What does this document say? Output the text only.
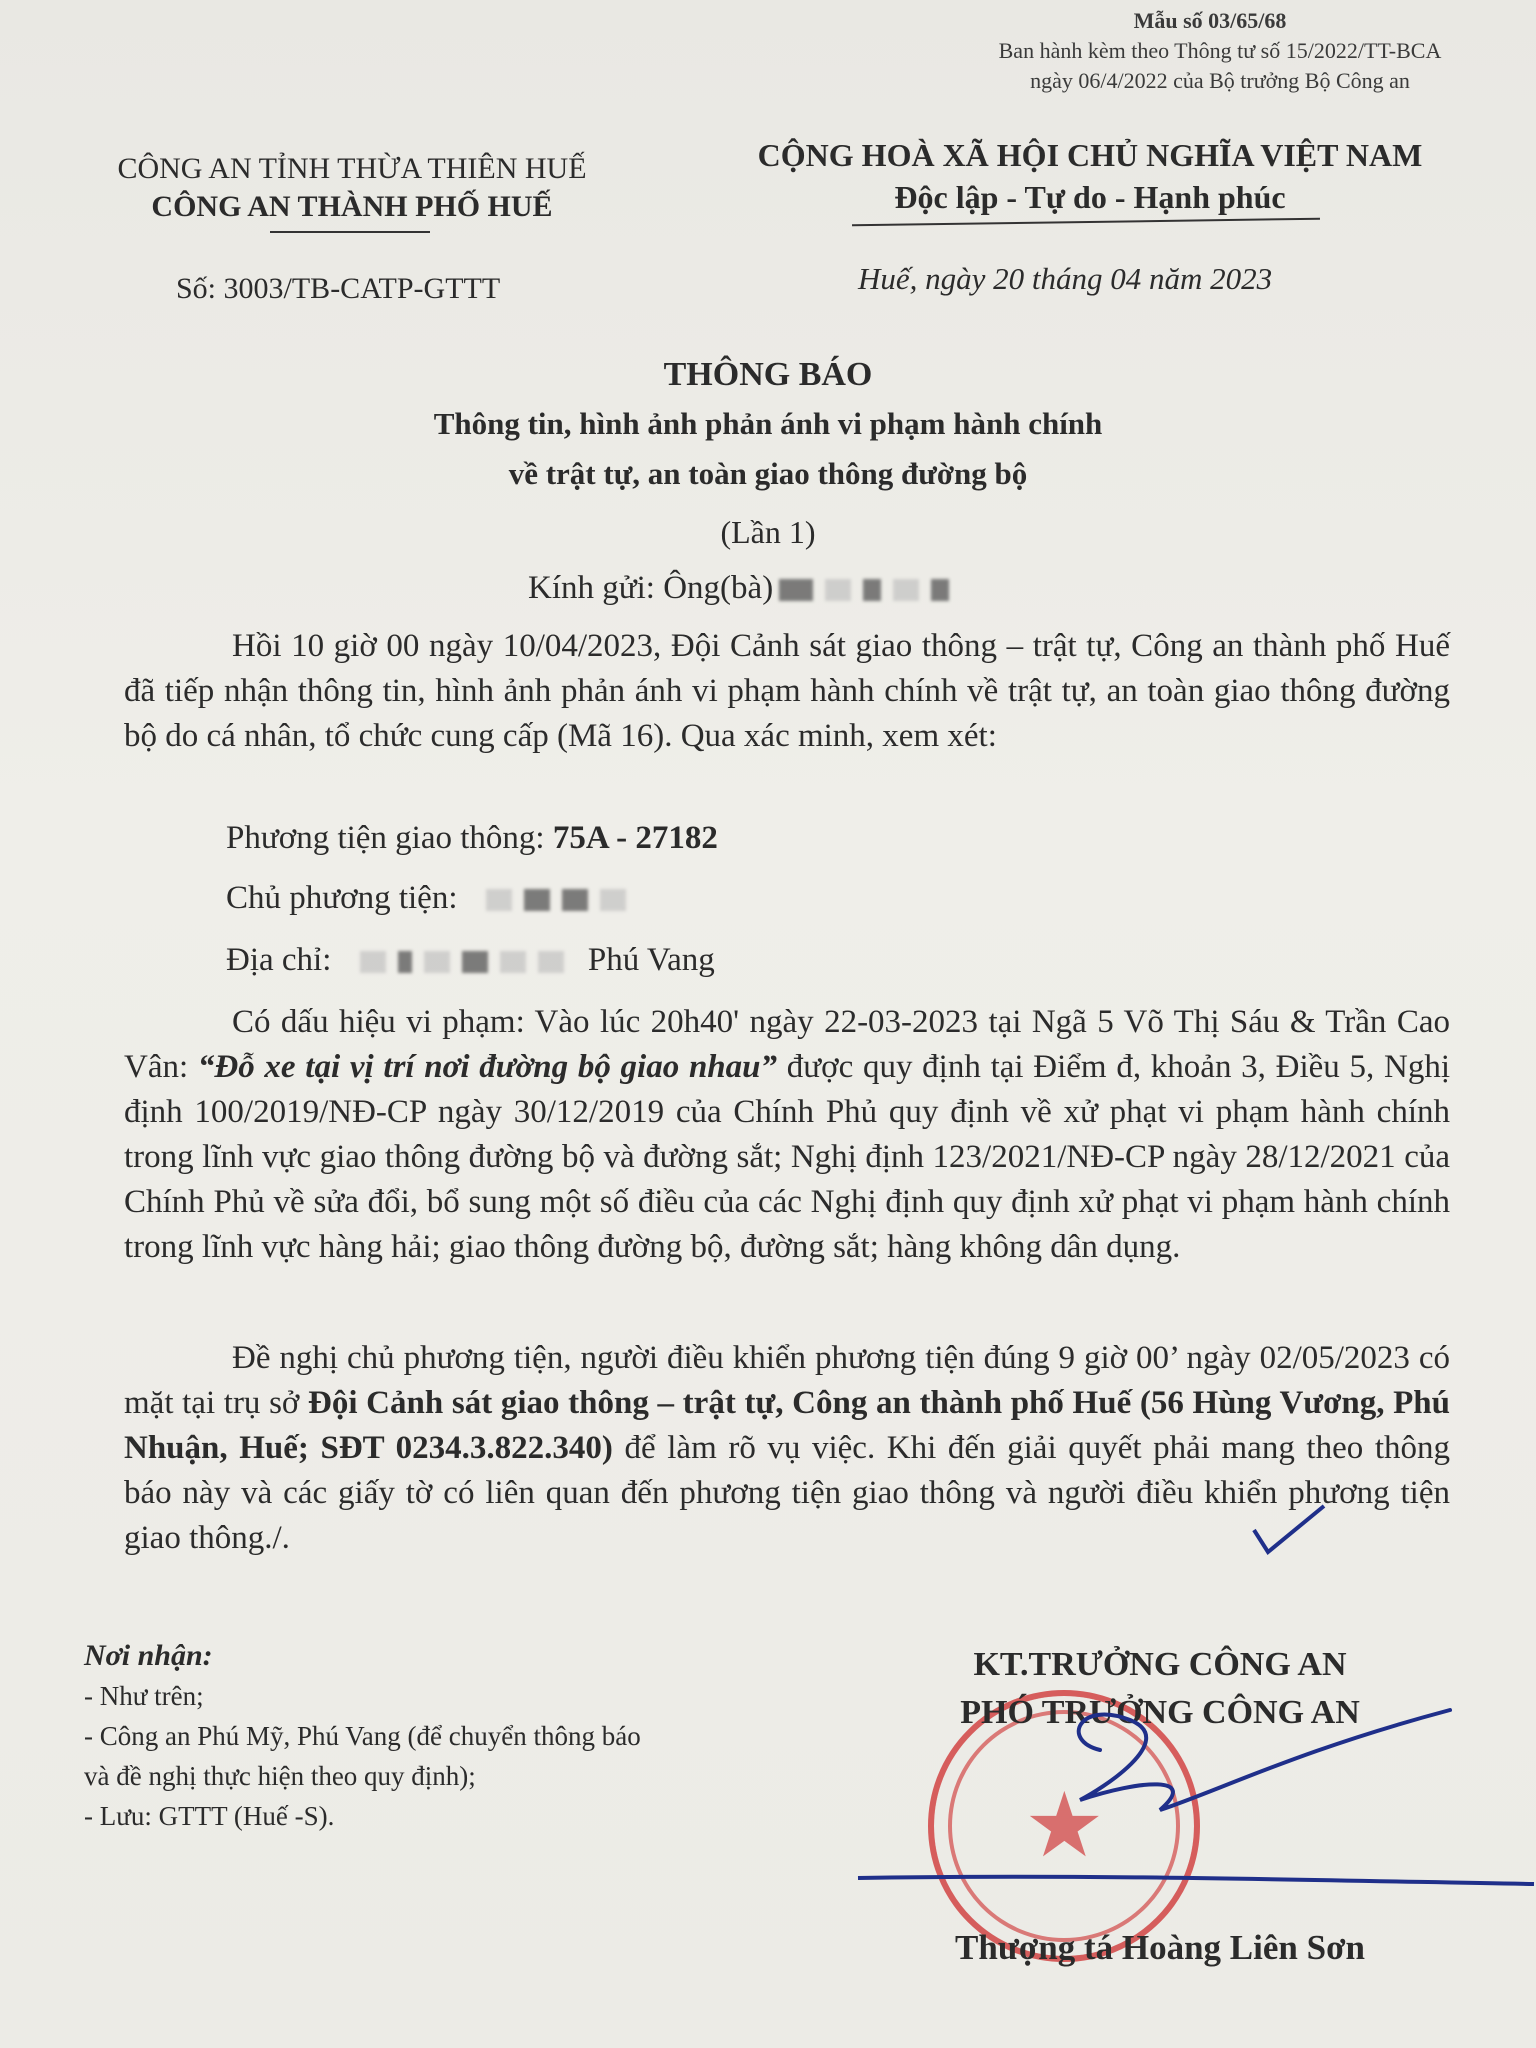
Mẫu số 03/65/68
Ban hành kèm theo Thông tư số 15/2022/TT-BCA
ngày 06/4/2022 của Bộ trưởng Bộ Công an
CÔNG AN TỈNH THỪA THIÊN HUẾ
CÔNG AN THÀNH PHỐ HUẾ
CỘNG HOÀ XÃ HỘI CHỦ NGHĨA VIỆT NAM
Độc lập - Tự do - Hạnh phúc
Số: 3003/TB-CATP-GTTT	Huế, ngày 20 tháng 04 năm 2023
THÔNG BÁO
Thông tin, hình ảnh phản ánh vi phạm hành chính
về trật tự, an toàn giao thông đường bộ
(Lần 1)
Kính gửi: Ông(bà)
Hồi 10 giờ 00 ngày 10/04/2023, Đội Cảnh sát giao thông – trật tự, Công an thành phố Huế đã tiếp nhận thông tin, hình ảnh phản ánh vi phạm hành chính về trật tự, an toàn giao thông đường bộ do cá nhân, tổ chức cung cấp (Mã 16). Qua xác minh, xem xét:
Phương tiện giao thông: 75A - 27182
Chủ phương tiện:
Địa chỉ:	Phú Vang
Có dấu hiệu vi phạm: Vào lúc 20h40' ngày 22-03-2023 tại Ngã 5 Võ Thị Sáu & Trần Cao Vân: “Đỗ xe tại vị trí nơi đường bộ giao nhau” được quy định tại Điểm đ, khoản 3, Điều 5, Nghị định 100/2019/NĐ-CP ngày 30/12/2019 của Chính Phủ quy định về xử phạt vi phạm hành chính trong lĩnh vực giao thông đường bộ và đường sắt; Nghị định 123/2021/NĐ-CP ngày 28/12/2021 của Chính Phủ về sửa đổi, bổ sung một số điều của các Nghị định quy định xử phạt vi phạm hành chính trong lĩnh vực hàng hải; giao thông đường bộ, đường sắt; hàng không dân dụng.
Đề nghị chủ phương tiện, người điều khiển phương tiện đúng 9 giờ 00’ ngày 02/05/2023 có mặt tại trụ sở Đội Cảnh sát giao thông – trật tự, Công an thành phố Huế (56 Hùng Vương, Phú Nhuận, Huế; SĐT 0234.3.822.340) để làm rõ vụ việc. Khi đến giải quyết phải mang theo thông báo này và các giấy tờ có liên quan đến phương tiện giao thông và người điều khiển phương tiện giao thông./.
Nơi nhận:
- Như trên;
- Công an Phú Mỹ, Phú Vang (để chuyển thông báo
và đề nghị thực hiện theo quy định);
- Lưu: GTTT (Huế -S).	★
KT.TRƯỞNG CÔNG AN
PHÓ TRƯỞNG CÔNG AN
Thượng tá Hoàng Liên Sơn
